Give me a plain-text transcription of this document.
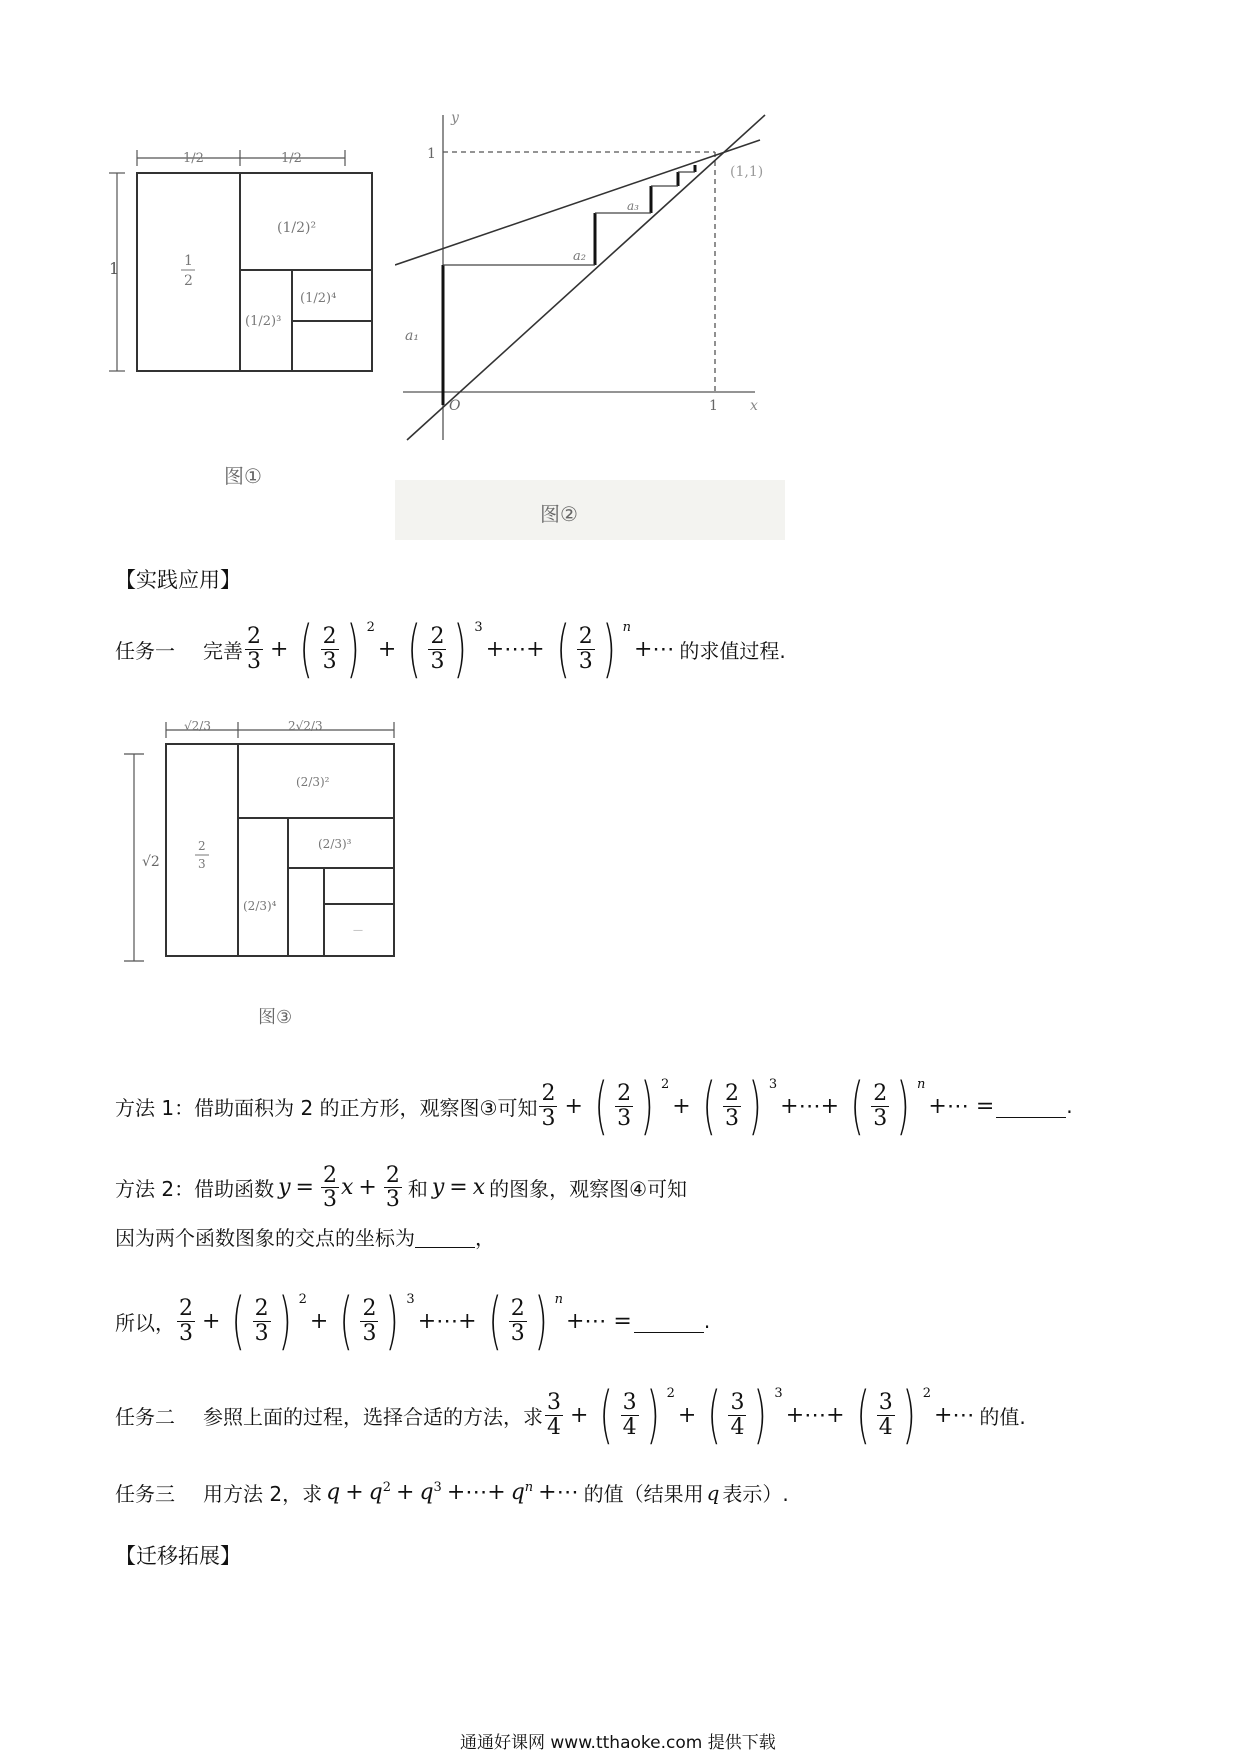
1/2	1/2
1	1
2
(1/2)²
(1/2)³
(1/2)⁴
图①
y
x
O	1
1
(1,1)
a₁
a₂
a₃
图②
【实践应用】
任务一 完善 $\frac{2}{3}$ + ( $\frac{2}{3}$ ) $^2$
+ ( $\frac{2}{3}$ ) $^3$
+⋯+ ( $\frac{2}{3}$ ) $^n$
+⋯ 的求值过程.
√2/3	2√2/3
√2
2
3
(2/3)²
(2/3)³
(2/3)⁴
—
图③
方法 1：借助面积为 2 的正方形，观察图③可知 $\frac{2}{3}$ + ( $\frac{2}{3}$ ) $^2$
+ ( $\frac{2}{3}$ ) $^3$
+⋯+ ( $\frac{2}{3}$ ) $^n$
+⋯ =	.
方法 2：借助函数 $y = \frac{2}{3}$ $x + \frac{2}{3}$ 和 y = x 的图象，观察图④可知
因为两个函数图象的交点的坐标为	，
所以， $\frac{2}{3}$ + ( $\frac{2}{3}$ ) $^2$
+ ( $\frac{2}{3}$ ) $^3$
+⋯+ ( $\frac{2}{3}$ ) $^n$
+⋯ =	.
任务二 参照上面的过程，选择合适的方法，求 $\frac{3}{4}$ + ( $\frac{3}{4}$ ) $^2$
+ ( $\frac{3}{4}$ ) $^3$
+⋯+ ( $\frac{3}{4}$ ) $^2$
+⋯ 的值.
任务三 用方法 2，求 $q + q^2 + q^3$ +⋯+ $q^n$ +⋯ 的值（结果用 q 表示）.
【迁移拓展】
通通好课网 www.tthaoke.com 提供下载
